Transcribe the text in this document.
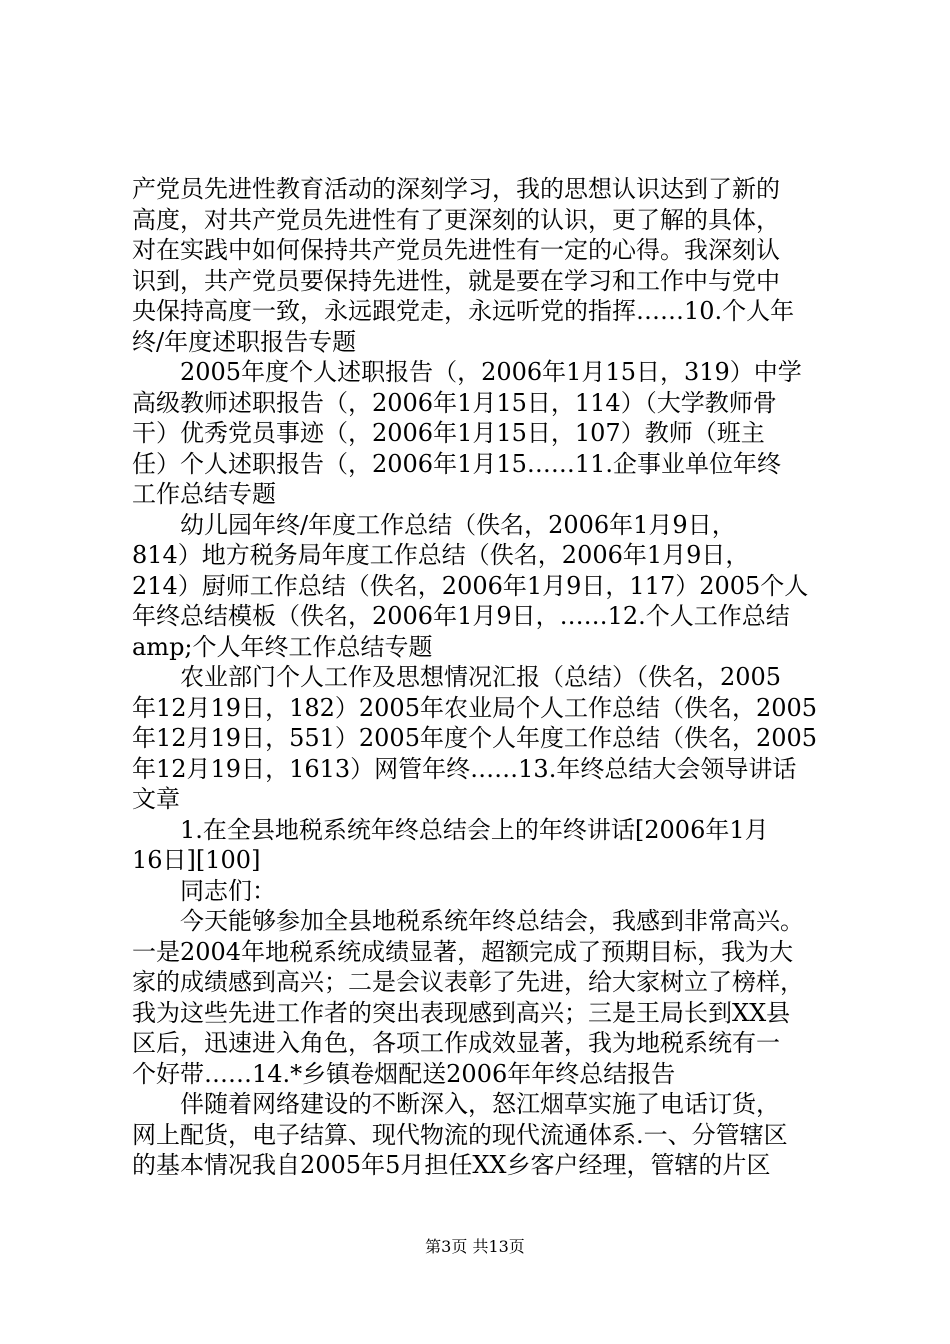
产党员先进性教育活动的深刻学习，我的思想认识达到了新的
高度，对共产党员先进性有了更深刻的认识，更了解的具体，
对在实践中如何保持共产党员先进性有一定的心得。我深刻认
识到，共产党员要保持先进性，就是要在学习和工作中与党中
央保持高度一致，永远跟党走，永远听党的指挥……10.个人年
终/年度述职报告专题
　　2005年度个人述职报告（，2006年1月15日，319）中学
高级教师述职报告（，2006年1月15日，114）（大学教师骨
干）优秀党员事迹（，2006年1月15日，107）教师（班主
任）个人述职报告（，2006年1月15……11.企事业单位年终
工作总结专题
　　幼儿园年终/年度工作总结（佚名，2006年1月9日，
814）地方税务局年度工作总结（佚名，2006年1月9日，
214）厨师工作总结（佚名，2006年1月9日，117）2005个人
年终总结模板（佚名，2006年1月9日，……12.个人工作总结
amp;个人年终工作总结专题
　　农业部门个人工作及思想情况汇报（总结）（佚名，2005
年12月19日，182）2005年农业局个人工作总结（佚名，2005
年12月19日，551）2005年度个人年度工作总结（佚名，2005
年12月19日，1613）网管年终……13.年终总结大会领导讲话
文章
　　1.在全县地税系统年终总结会上的年终讲话[2006年1月
16日][100]
　　同志们：
　　今天能够参加全县地税系统年终总结会，我感到非常高兴。
一是2004年地税系统成绩显著，超额完成了预期目标，我为大
家的成绩感到高兴；二是会议表彰了先进，给大家树立了榜样，
我为这些先进工作者的突出表现感到高兴；三是王局长到XX县
区后，迅速进入角色，各项工作成效显著，我为地税系统有一
个好带……14.*乡镇卷烟配送2006年年终总结报告
　　伴随着网络建设的不断深入，怒江烟草实施了电话订货，
网上配货，电子结算、现代物流的现代流通体系.一、分管辖区
的基本情况我自2005年5月担任XX乡客户经理，管辖的片区
第3页 共13页
